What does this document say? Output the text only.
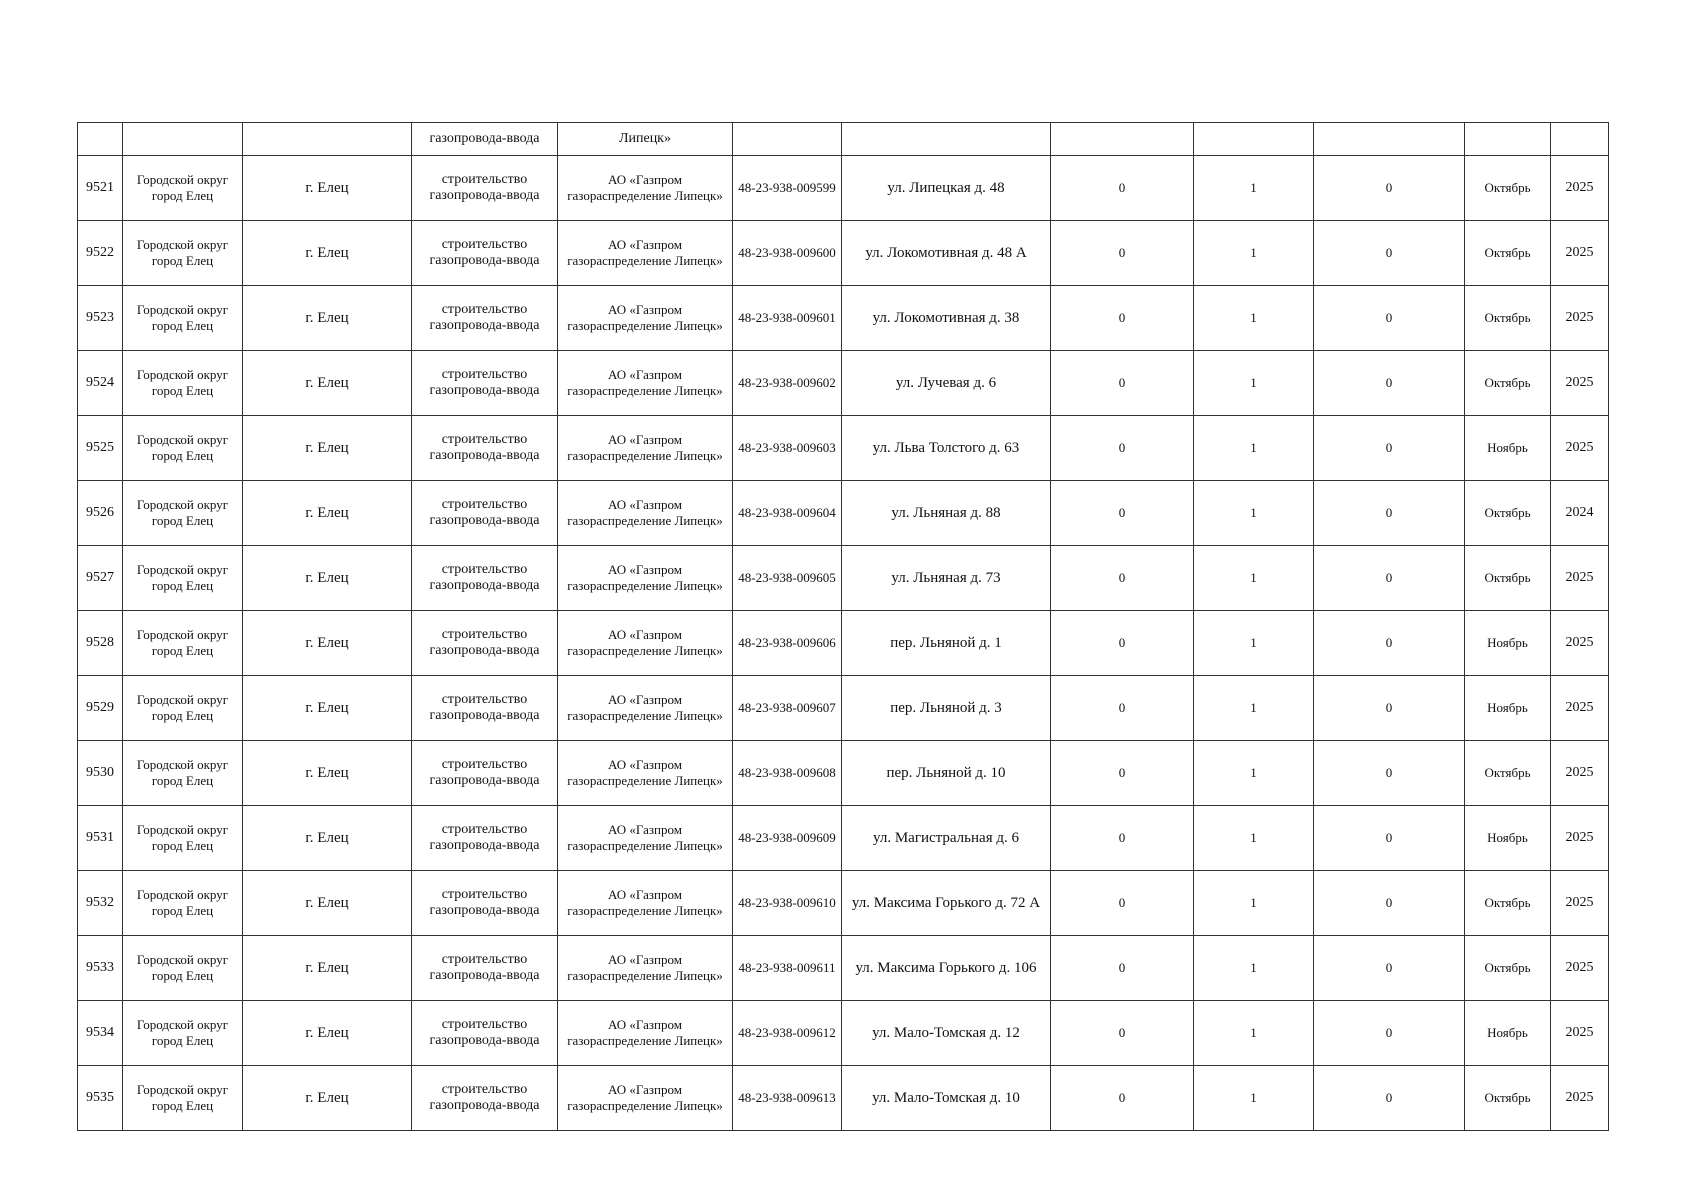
			газопровода-ввода	Липецк»							
9521	Городской округ город Елец	г. Елец	строительство газопровода-ввода	АО «Газпром газораспределение Липецк»	48-23-938-009599	ул. Липецкая д. 48	0	1	0	Октябрь	2025
9522	Городской округ город Елец	г. Елец	строительство газопровода-ввода	АО «Газпром газораспределение Липецк»	48-23-938-009600	ул. Локомотивная д. 48 А	0	1	0	Октябрь	2025
9523	Городской округ город Елец	г. Елец	строительство газопровода-ввода	АО «Газпром газораспределение Липецк»	48-23-938-009601	ул. Локомотивная д. 38	0	1	0	Октябрь	2025
9524	Городской округ город Елец	г. Елец	строительство газопровода-ввода	АО «Газпром газораспределение Липецк»	48-23-938-009602	ул. Лучевая д. 6	0	1	0	Октябрь	2025
9525	Городской округ город Елец	г. Елец	строительство газопровода-ввода	АО «Газпром газораспределение Липецк»	48-23-938-009603	ул. Льва Толстого д. 63	0	1	0	Ноябрь	2025
9526	Городской округ город Елец	г. Елец	строительство газопровода-ввода	АО «Газпром газораспределение Липецк»	48-23-938-009604	ул. Льняная д. 88	0	1	0	Октябрь	2024
9527	Городской округ город Елец	г. Елец	строительство газопровода-ввода	АО «Газпром газораспределение Липецк»	48-23-938-009605	ул. Льняная д. 73	0	1	0	Октябрь	2025
9528	Городской округ город Елец	г. Елец	строительство газопровода-ввода	АО «Газпром газораспределение Липецк»	48-23-938-009606	пер. Льняной д. 1	0	1	0	Ноябрь	2025
9529	Городской округ город Елец	г. Елец	строительство газопровода-ввода	АО «Газпром газораспределение Липецк»	48-23-938-009607	пер. Льняной д. 3	0	1	0	Ноябрь	2025
9530	Городской округ город Елец	г. Елец	строительство газопровода-ввода	АО «Газпром газораспределение Липецк»	48-23-938-009608	пер. Льняной д. 10	0	1	0	Октябрь	2025
9531	Городской округ город Елец	г. Елец	строительство газопровода-ввода	АО «Газпром газораспределение Липецк»	48-23-938-009609	ул. Магистральная д. 6	0	1	0	Ноябрь	2025
9532	Городской округ город Елец	г. Елец	строительство газопровода-ввода	АО «Газпром газораспределение Липецк»	48-23-938-009610	ул. Максима Горького д. 72 А	0	1	0	Октябрь	2025
9533	Городской округ город Елец	г. Елец	строительство газопровода-ввода	АО «Газпром газораспределение Липецк»	48-23-938-009611	ул. Максима Горького д. 106	0	1	0	Октябрь	2025
9534	Городской округ город Елец	г. Елец	строительство газопровода-ввода	АО «Газпром газораспределение Липецк»	48-23-938-009612	ул. Мало-Томская д. 12	0	1	0	Ноябрь	2025
9535	Городской округ город Елец	г. Елец	строительство газопровода-ввода	АО «Газпром газораспределение Липецк»	48-23-938-009613	ул. Мало-Томская д. 10	0	1	0	Октябрь	2025
